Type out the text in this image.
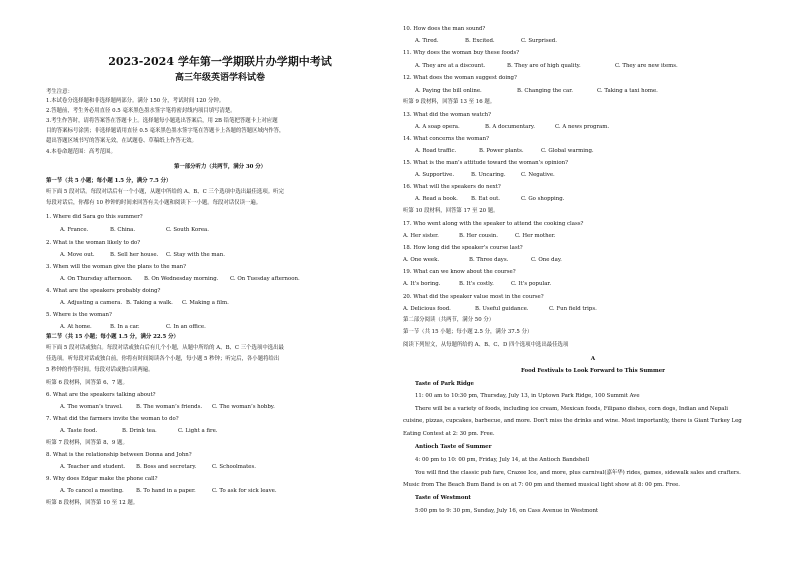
2023-2024 学年第一学期联片办学期中考试
高三年级英语学科试卷
考生注意：
1.本试卷分选择题和非选择题两部分。满分 150 分，考试时间 120 分钟。
2.答题前，考生务必用直径 0.5 毫米黑色墨水签字笔将密封线内项目填写清楚。
3.考生作答时，请将答案答在答题卡上。选择题每小题选出答案后，用 2B 铅笔把答题卡上对应题
目的答案标号涂黑；非选择题请用直径 0.5 毫米黑色墨水签字笔在答题卡上各题的答题区域内作答，
超出答题区域书写的答案无效，在试题卷、草稿纸上作答无效。
4.本卷命题范围：高考范围。
第一部分听力（共两节，满分 30 分）
第一节（共 5 小题；每小题 1.5 分，满分 7.5 分）
听下面 5 段对话。每段对话后有一个小题，从题中所给的 A、B、C 三个选项中选出最佳选项。听完
每段对话后，你都有 10 秒钟的时间来回答有关小题和阅读下一小题。每段对话仅读一遍。
1. Where did Sara go this summer?
A. France.	B. China.	C. South Korea.
2. What is the woman likely to do?
A. Move out.	B. Sell her house. C. Stay with the man.
3. When will the woman give the plans to the man?
A. On Thursday afternoon. B. On Wednesday morning. C. On Tuesday afternoon.
4. What are the speakers probably doing?
A. Adjusting a camera. B. Taking a walk. C. Making a film.
5. Where is the woman?
A. At home.	B. In a car.	C. In an office.
第二节（共 15 小题；每小题 1.5 分，满分 22.5 分）
听下面 5 段对话或独白。每段对话或独白后有几个小题，从题中所给的 A、B、C 三个选项中选出最
佳选项。听每段对话或独白前，你将有时间阅读各个小题，每小题 5 秒钟；听完后，各小题将给出
5 秒钟的作答时间。每段对话或独白读两遍。
听第 6 段材料，回答第 6、7 题。
6. What are the speakers talking about?
A. The woman’s travel. B. The woman’s friends. C. The woman’s hobby.
7. What did the farmers invite the woman to do?
A. Taste food.	B. Drink tea.	C. Light a fire.
听第 7 段材料，回答第 8、9 题。
8. What is the relationship between Donna and John?
A. Teacher and student. B. Boss and secretary.	C. Schoolmates.
9. Why does Edgar make the phone call?
A. To cancel a meeting. B. To hand in a paper.	C. To ask for sick leave.
听第 8 段材料，回答第 10 至 12 题。
10. How does the man sound?
A. Tired.	B. Excited.	C. Surprised.
11. Why does the woman buy these foods?
A. They are at a discount.	B. They are of high quality.	C. They are new items.
12. What does the woman suggest doing?
A. Paying the bill online.	B. Changing the car.	C. Taking a taxi home.
听第 9 段材料，回答第 13 至 16 题。
13. What did the woman watch?
A. A soap opera.	B. A documentary.	C. A news program.
14. What concerns the woman?
A. Road traffic.	B. Power plants.	C. Global warming.
15. What is the man’s attitude toward the woman’s opinion?
A. Supportive.	B. Uncaring.	C. Negative.
16. What will the speakers do next?
A. Read a book. B. Eat out.	C. Go shopping.
听第 10 段材料，回答第 17 至 20 题。
17. Who went along with the speaker to attend the cooking class?
A. Her sister.	B. Her cousin.	C. Her mother.
18. How long did the speaker’s course last?
A. One week.	B. Three days.	C. One day.
19. What can we know about the course?
A. It’s boring.	B. It’s costly.	C. It’s popular.
20. What did the speaker value most in the course?
A. Delicious food.	B. Useful guidance.	C. Fun field trips.
第二部分阅读（共两节，满分 50 分）
第一节（共 15 小题；每小题 2.5 分，满分 37.5 分）
阅读下列短文，从每题所给的 A、B、C、D 四个选项中选出最佳选项
A
Food Festivals to Look Forward to This Summer
Taste of Park Ridge
11: 00 am to 10:30 pm, Thursday, July 13, in Uptown Park Ridge, 100 Summit Ave
There will be a variety of foods, including ice cream, Mexican foods, Filipano dishes, corn dogs, Indian and Nepali
cuisine, pizzas, cupcakes, barbecue, and more. Don't miss the drinks and wine. Most importantly, there is Giant Turkey Leg
Eating Contest at 2: 30 pm. Free.
Antioch Taste of Summer
4: 00 pm to 10: 00 pm, Friday, July 14, at the Antioch Bandshell
You will find the classic pub fare, Crazee Ice, and more, plus carnival(嘉年华) rides, games, sidewalk sales and crafters.
Music from The Beach Bum Band is on at 7: 00 pm and themed musical light show at 8: 00 pm. Free.
Taste of Westmont
5:00 pm to 9: 30 pm, Sunday, July 16, on Cass Avenue in Westmont
